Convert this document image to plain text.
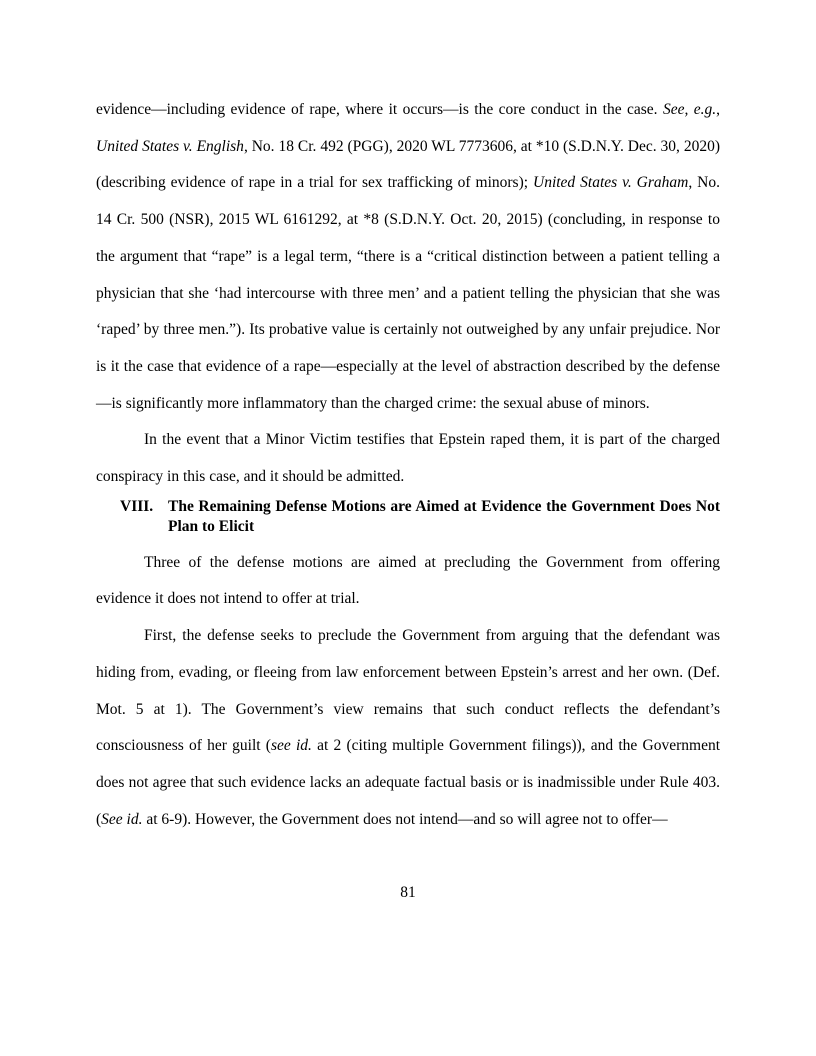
evidence—including evidence of rape, where it occurs—is the core conduct in the case. See, e.g., United States v. English, No. 18 Cr. 492 (PGG), 2020 WL 7773606, at *10 (S.D.N.Y. Dec. 30, 2020) (describing evidence of rape in a trial for sex trafficking of minors); United States v. Graham, No. 14 Cr. 500 (NSR), 2015 WL 6161292, at *8 (S.D.N.Y. Oct. 20, 2015) (concluding, in response to the argument that “rape” is a legal term, “there is a “critical distinction between a patient telling a physician that she ‘had intercourse with three men’ and a patient telling the physician that she was ‘raped’ by three men.”). Its probative value is certainly not outweighed by any unfair prejudice. Nor is it the case that evidence of a rape—especially at the level of abstraction described by the defense—is significantly more inflammatory than the charged crime: the sexual abuse of minors.

In the event that a Minor Victim testifies that Epstein raped them, it is part of the charged conspiracy in this case, and it should be admitted.

VIII. The Remaining Defense Motions are Aimed at Evidence the Government Does Not Plan to Elicit

Three of the defense motions are aimed at precluding the Government from offering evidence it does not intend to offer at trial.

First, the defense seeks to preclude the Government from arguing that the defendant was hiding from, evading, or fleeing from law enforcement between Epstein’s arrest and her own. (Def. Mot. 5 at 1). The Government’s view remains that such conduct reflects the defendant’s consciousness of her guilt (see id. at 2 (citing multiple Government filings)), and the Government does not agree that such evidence lacks an adequate factual basis or is inadmissible under Rule 403. (See id. at 6-9). However, the Government does not intend—and so will agree not to offer—

81
